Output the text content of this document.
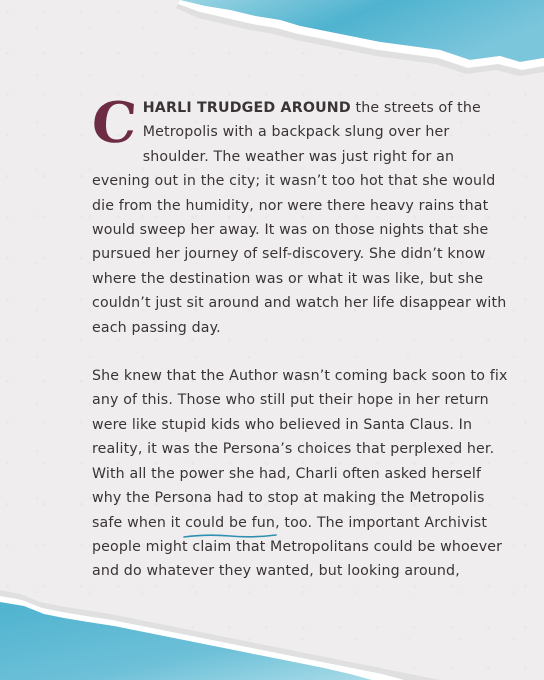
CHARLI TRUDGED AROUND the streets of the Metropolis with a backpack slung over her shoulder. The weather was just right for an evening out in the city; it wasn’t too hot that she would die from the humidity, nor were there heavy rains that would sweep her away. It was on those nights that she pursued her journey of self-discovery. She didn’t know where the destination was or what it was like, but she couldn’t just sit around and watch her life disappear with each passing day.

She knew that the Author wasn’t coming back soon to fix any of this. Those who still put their hope in her return were like stupid kids who believed in Santa Claus. In reality, it was the Persona’s choices that perplexed her. With all the power she had, Charli often asked herself why the Persona had to stop at making the Metropolis safe when it could be fun
, too. The important Archivist people might claim that Metropolitans could be whoever and do whatever they wanted, but looking around,
